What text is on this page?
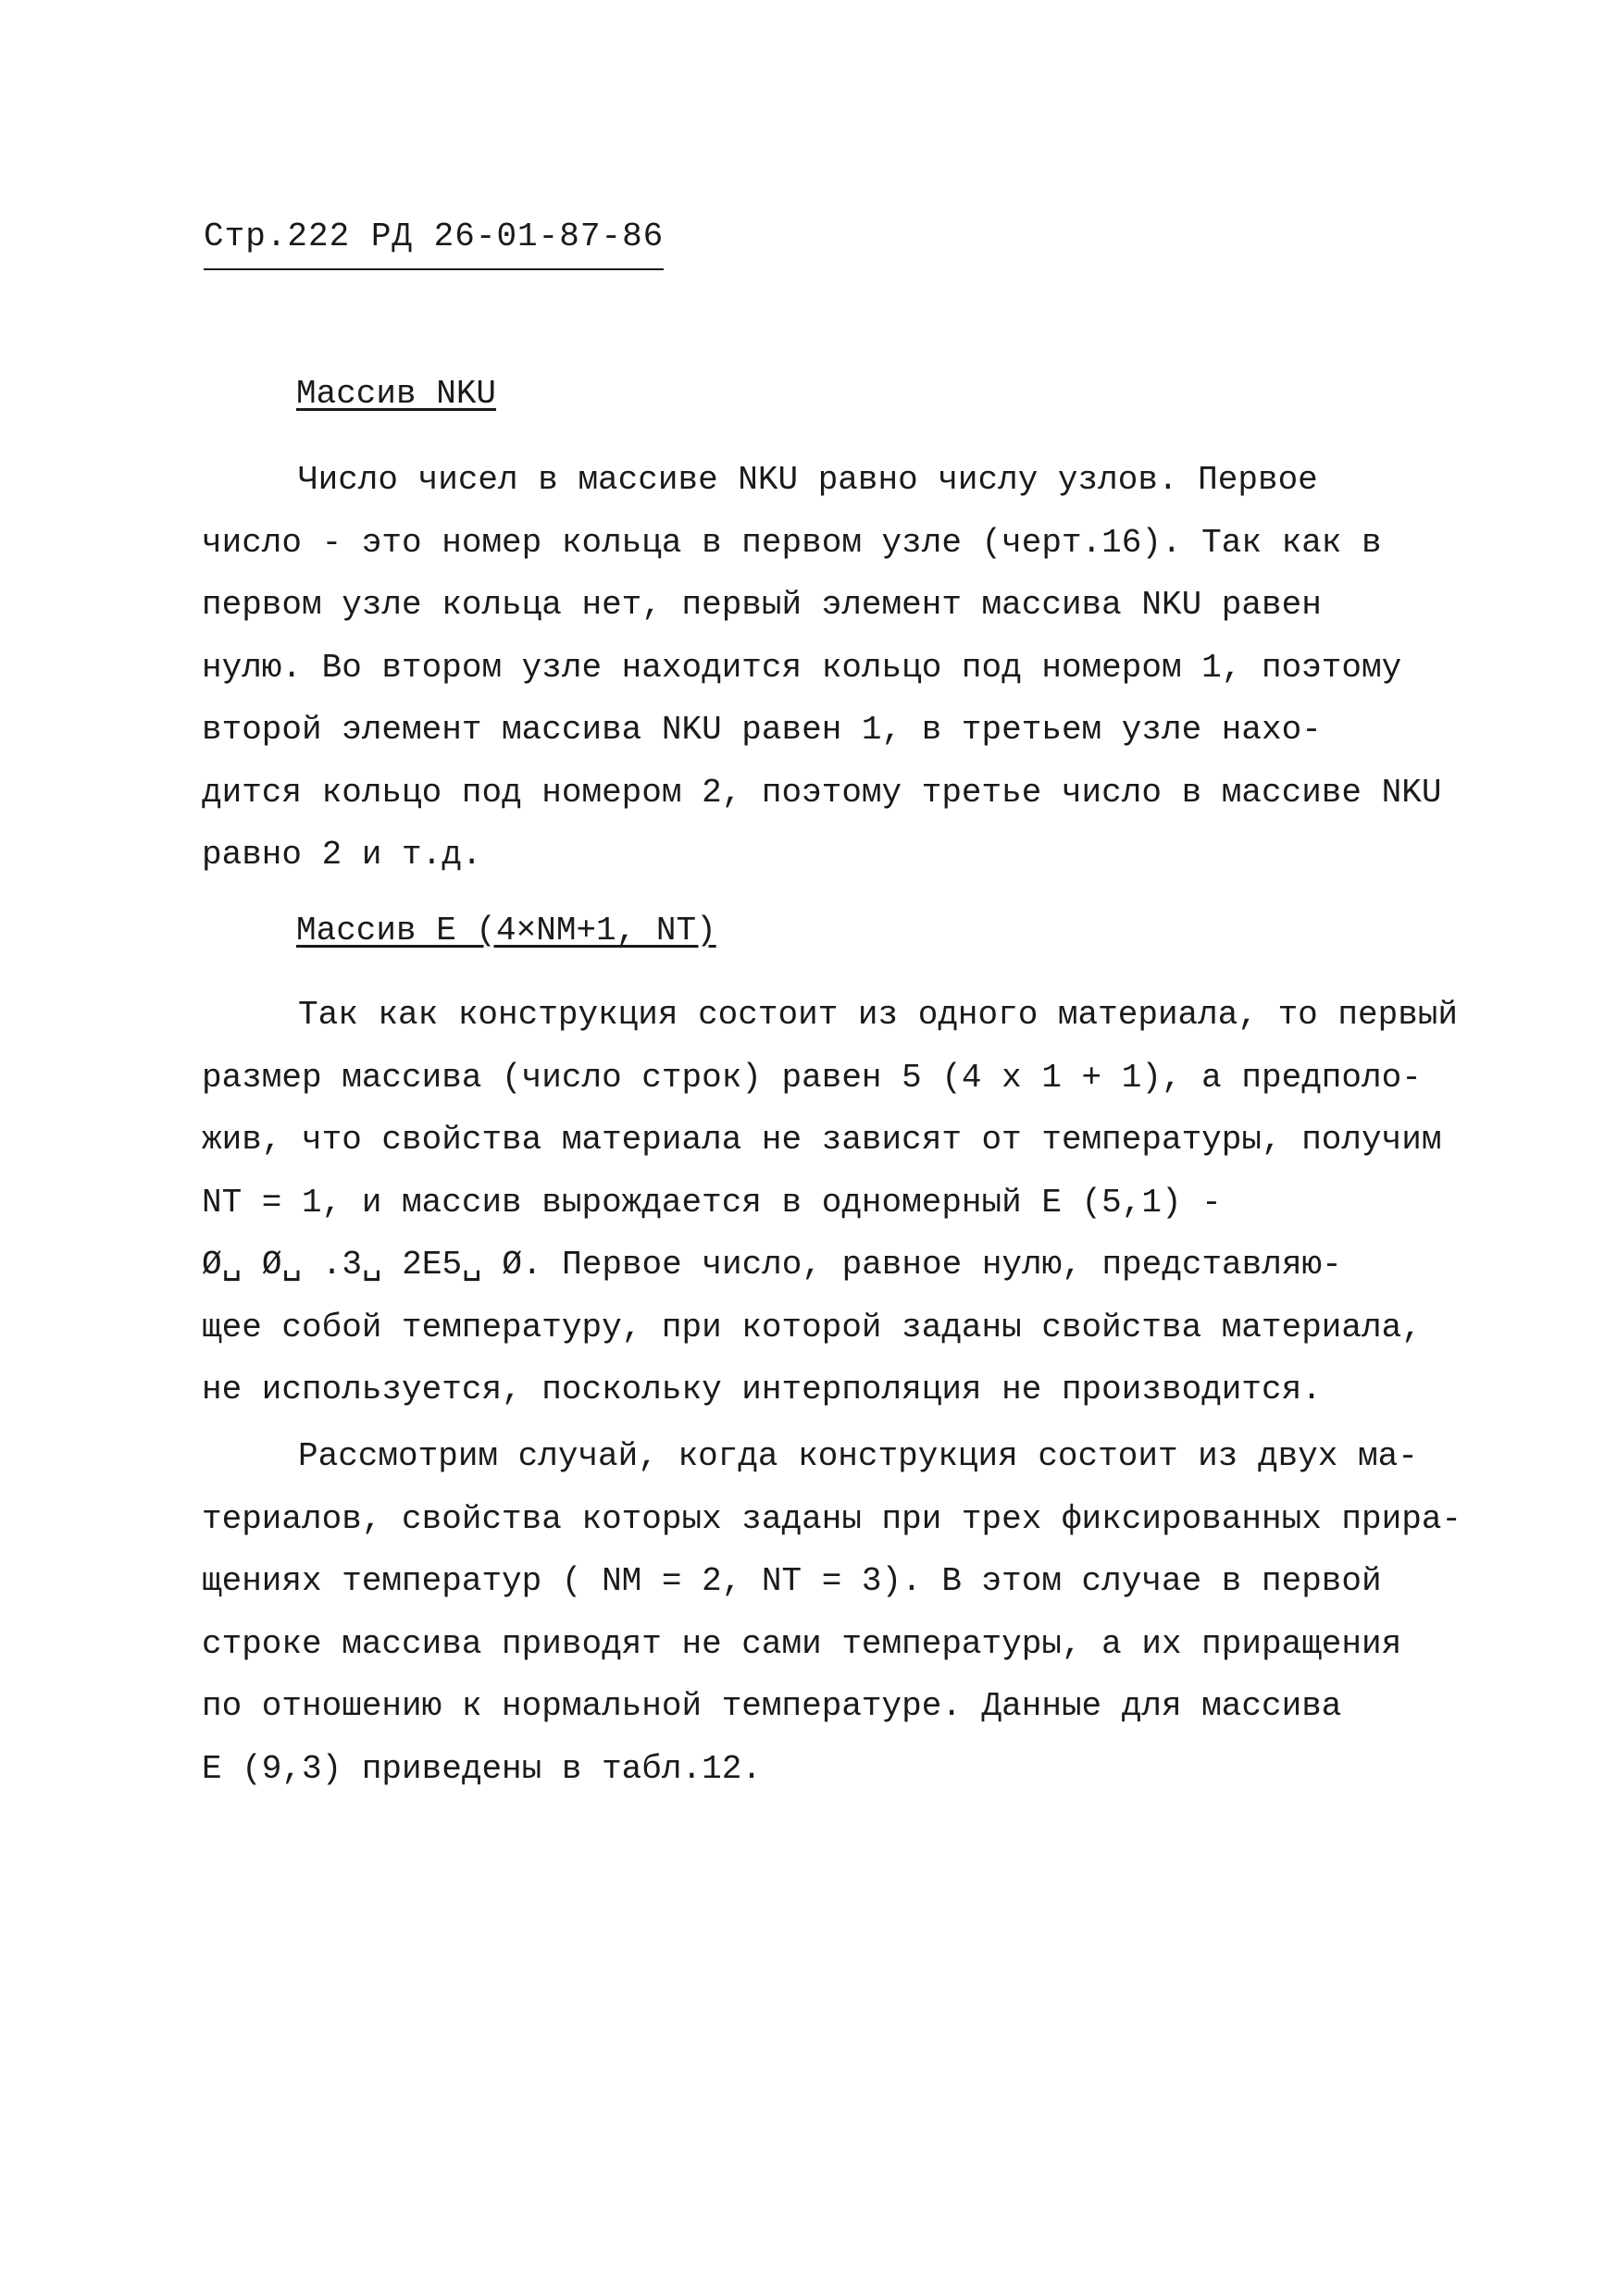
Стр.222 РД 26-01-87-86
Массив NKU
Число чисел в массиве NKU равно числу узлов. Первое
число - это номер кольца в первом узле (черт.16). Так как в
первом узле кольца нет, первый элемент массива NKU равен
нулю. Во втором узле находится кольцо под номером 1, поэтому
второй элемент массива NKU равен 1, в третьем узле нахо-
дится кольцо под номером 2, поэтому третье число в массиве NKU
равно 2 и т.д.
Массив Е (4×NM+1, NT)
Так как конструкция состоит из одного материала, то первый
размер массива (число строк) равен 5 (4 х 1 + 1), а предполо-
жив, что свойства материала не зависят от температуры, получим
NT = 1, и массив вырождается в одномерный Е (5,1) -
Ø␣ Ø␣ .3␣ 2Е5␣ Ø. Первое число, равное нулю, представляю-
щее собой температуру, при которой заданы свойства материала,
не используется, поскольку интерполяция не производится.
Рассмотрим случай, когда конструкция состоит из двух ма-
териалов, свойства которых заданы при трех фиксированных прира-
щениях температур ( NM = 2, NT = 3). В этом случае в первой
строке массива приводят не сами температуры, а их приращения
по отношению к нормальной температуре. Данные для массива
Е (9,3) приведены в табл.12.
